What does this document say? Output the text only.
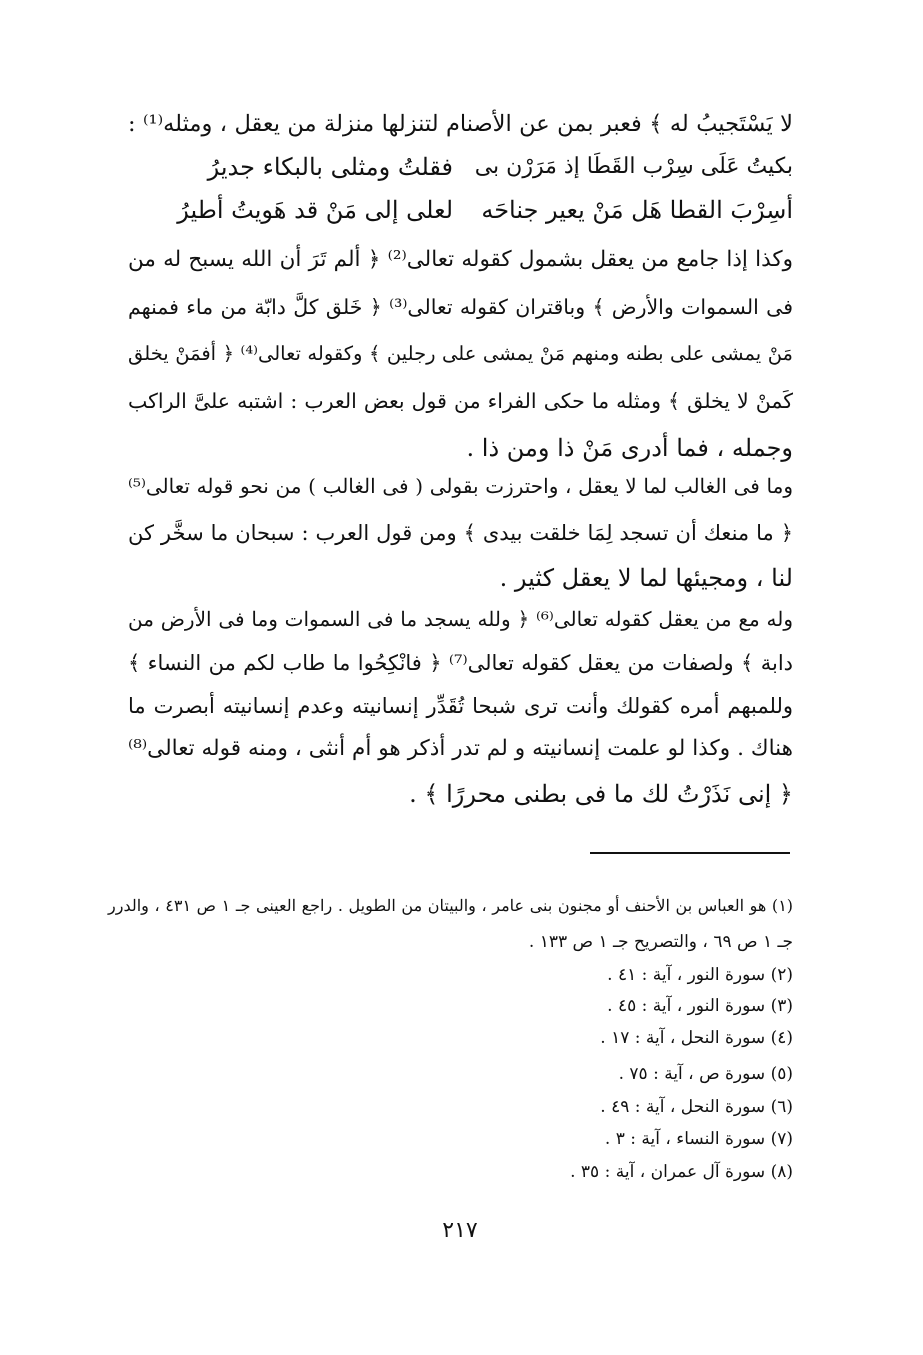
لا يَسْتَجيبُ له ﴾ فعبر بمن عن الأصنام لتنزلها منزلة من يعقل ، ومثله⁽¹⁾ :
بكيتُ عَلَى سِرْب القَطَا إذ مَرَرْن بى
فقلتُ ومثلى بالبكاء جديرُ
أسِرْبَ القطا هَل مَنْ يعير جناحَه
لعلى إلى مَنْ قد هَويتُ أطيرُ
وكذا إذا جامع من يعقل بشمول كقوله تعالى⁽²⁾ ﴿ ألم تَرَ أن الله يسبح له من
فى السموات والأرض ﴾ وباقتران كقوله تعالى⁽³⁾ ﴿ خَلق كلَّ دابّة من ماء فمنهم
مَنْ يمشى على بطنه ومنهم مَنْ يمشى على رجلين ﴾ وكقوله تعالى⁽⁴⁾ ﴿ أفمَنْ يخلق
كَمنْ لا يخلق ﴾ ومثله ما حكى الفراء من قول بعض العرب : اشتبه علىَّ الراكب
وجمله ، فما أدرى مَنْ ذا ومن ذا .
وما فى الغالب لما لا يعقل ، واحترزت بقولى ( فى الغالب ) من نحو قوله تعالى⁽⁵⁾
﴿ ما منعك أن تسجد لِمَا خلقت بيدى ﴾ ومن قول العرب : سبحان ما سخَّر كن
لنا ، ومجيئها لما لا يعقل كثير .
وله مع من يعقل كقوله تعالى⁽⁶⁾ ﴿ ولله يسجد ما فى السموات وما فى الأرض من
دابة ﴾ ولصفات من يعقل كقوله تعالى⁽⁷⁾ ﴿ فانْكِحُوا ما طاب لكم من النساء ﴾
وللمبهم أمره كقولك وأنت ترى شبحا تُقَدِّر إنسانيته وعدم إنسانيته أبصرت ما
هناك . وكذا لو علمت إنسانيته و لم تدر أذكر هو أم أنثى ، ومنه قوله تعالى⁽⁸⁾
﴿ إنى نَذَرْتُ لك ما فى بطنى محررًا ﴾ .
(١) هو العباس بن الأحنف أو مجنون بنى عامر ، والبيتان من الطويل . راجع العينى جـ ١ ص ٤٣١ ، والدرر
جـ ١ ص ٦٩ ، والتصريح جـ ١ ص ١٣٣ .
(٢) سورة النور ، آية : ٤١ .
(٣) سورة النور ، آية : ٤٥ .
(٤) سورة النحل ، آية : ١٧ .
(٥) سورة ص ، آية : ٧٥ .
(٦) سورة النحل ، آية : ٤٩ .
(٧) سورة النساء ، آية : ٣ .
(٨) سورة آل عمران ، آية : ٣٥ .
٢١٧
